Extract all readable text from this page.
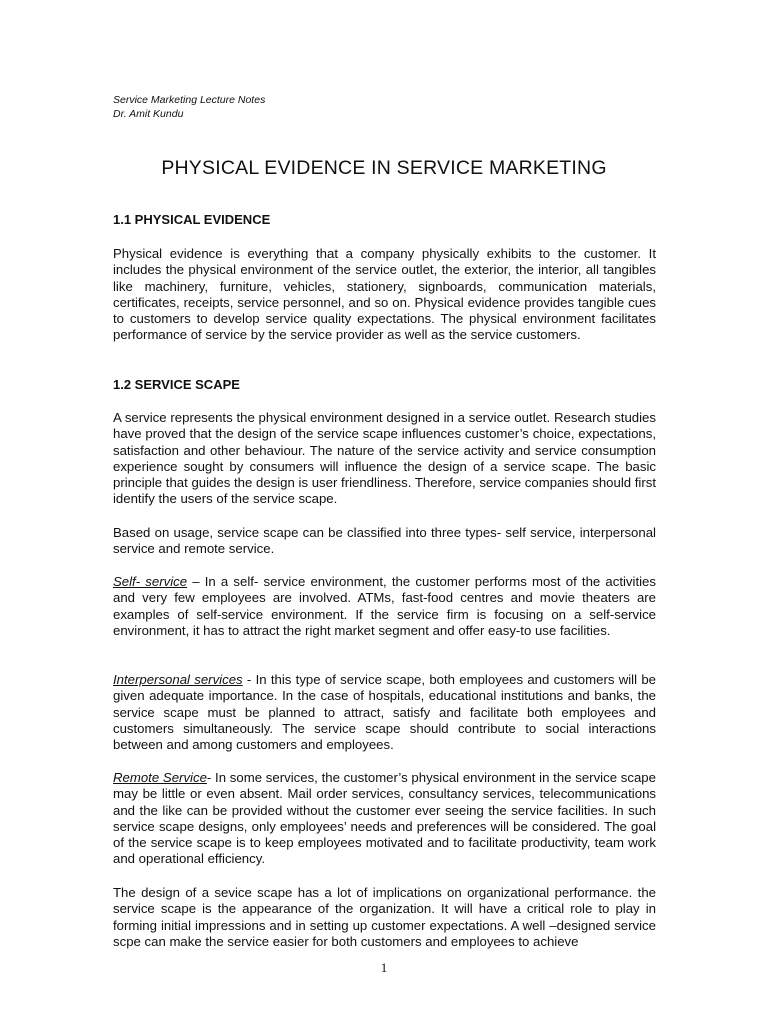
Service Marketing Lecture Notes
Dr. Amit Kundu
PHYSICAL EVIDENCE IN SERVICE MARKETING
1.1 PHYSICAL EVIDENCE

Physical evidence is everything that a company physically exhibits to the customer. It includes the physical environment of the service outlet, the exterior, the interior, all tangibles like machinery, furniture, vehicles, stationery, signboards, communication materials, certificates, receipts, service personnel, and so on. Physical evidence provides tangible cues to customers to develop service quality expectations. The physical environment facilitates performance of service by the service provider as well as the service customers.

1.2 SERVICE SCAPE

A service represents the physical environment designed in a service outlet. Research studies have proved that the design of the service scape influences customer’s choice, expectations, satisfaction and other behaviour. The nature of the service activity and service consumption experience sought by consumers will influence the design of a service scape. The basic principle that guides the design is user friendliness. Therefore, service companies should first identify the users of the service scape.

Based on usage, service scape can be classified into three types- self service, interpersonal service and remote service.

Self- service – In a self- service environment, the customer performs most of the activities and very few employees are involved. ATMs, fast-food centres and movie theaters are examples of self-service environment. If the service firm is focusing on a self-service environment, it has to attract the right market segment and offer easy-to use facilities.

Interpersonal services - In this type of service scape, both employees and customers will be given adequate importance. In the case of hospitals, educational institutions and banks, the service scape must be planned to attract, satisfy and facilitate both employees and customers simultaneously. The service scape should contribute to social interactions between and among customers and employees.

Remote Service- In some services, the customer’s physical environment in the service scape may be little or even absent. Mail order services, consultancy services, telecommunications and the like can be provided without the customer ever seeing the service facilities. In such service scape designs, only employees’ needs and preferences will be considered. The goal of the service scape is to keep employees motivated and to facilitate productivity, team work and operational efficiency.

The design of a sevice scape has a lot of implications on organizational performance. the service scape is the appearance of the organization. It will have a critical role to play in forming initial impressions and in setting up customer expectations. A well –designed service scpe can make the service easier for both customers and employees to achieve

1
